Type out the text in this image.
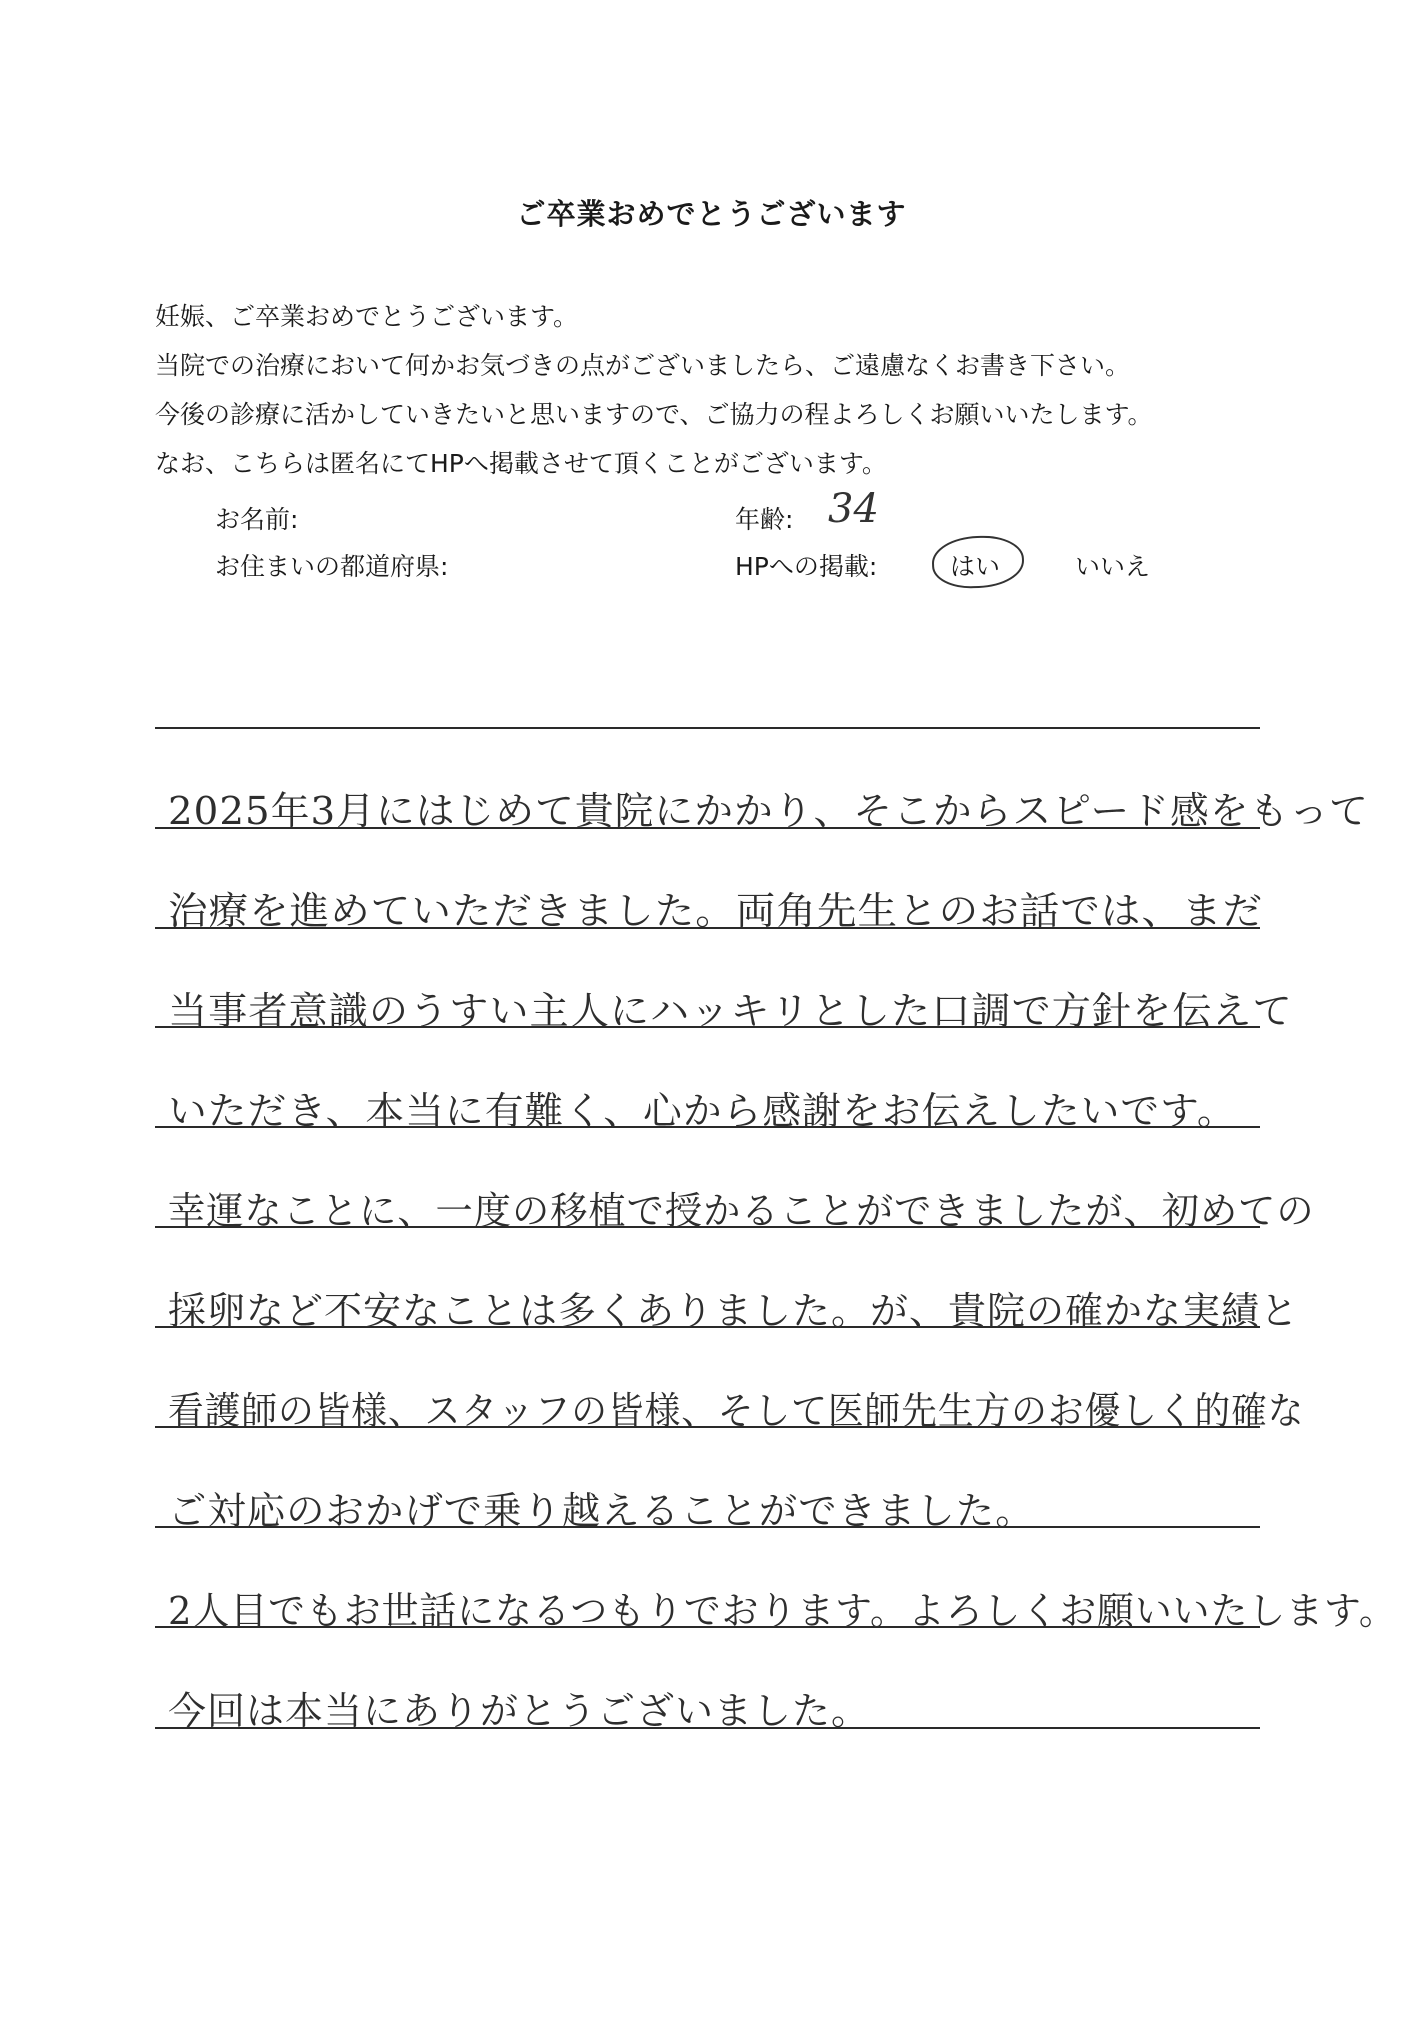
ご卒業おめでとうございます
妊娠、ご卒業おめでとうございます。
当院での治療において何かお気づきの点がございましたら、ご遠慮なくお書き下さい。
今後の診療に活かしていきたいと思いますので、ご協力の程よろしくお願いいたします。
なお、こちらは匿名にてHPへ掲載させて頂くことがございます。
お名前:	年齢: 34
お住まいの都道府県:	HPへの掲載:	はい	いいえ
2025年3月にはじめて貴院にかかり、そこからスピード感をもって
治療を進めていただきました。両角先生とのお話では、まだ
当事者意識のうすい主人にハッキリとした口調で方針を伝えて
いただき、本当に有難く、心から感謝をお伝えしたいです。
幸運なことに、一度の移植で授かることができましたが、初めての
採卵など不安なことは多くありました。が、貴院の確かな実績と
看護師の皆様、スタッフの皆様、そして医師先生方のお優しく的確な
ご対応のおかげで乗り越えることができました。
2人目でもお世話になるつもりでおります。よろしくお願いいたします。
今回は本当にありがとうございました。
